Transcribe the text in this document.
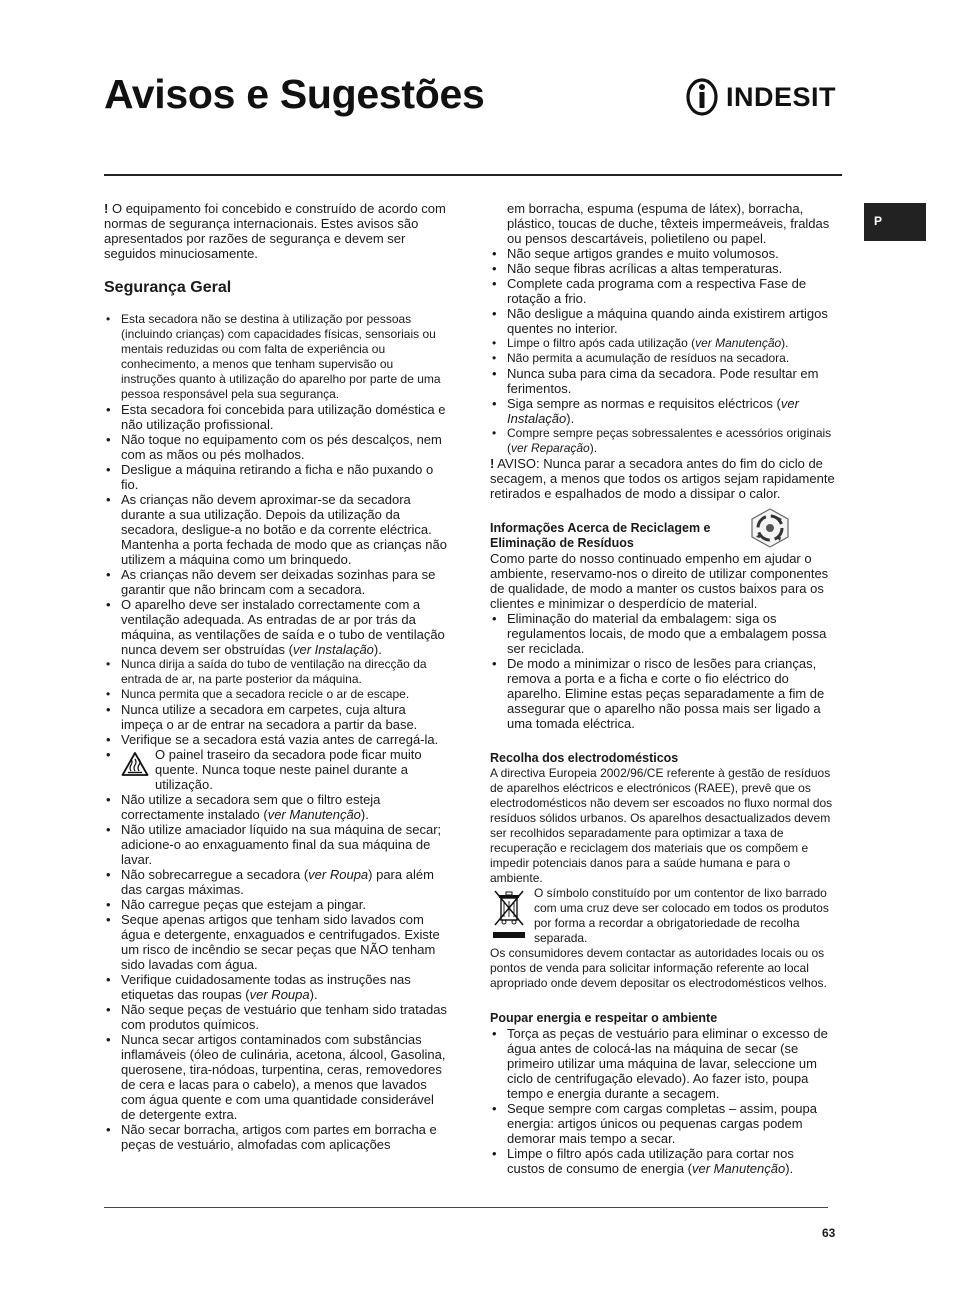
Avisos e Sugestões	INDESIT
P

! O equipamento foi concebido e construído de acordo com normas de segurança internacionais. Estes avisos são apresentados por razões de segurança e devem ser seguidos minuciosamente.

Segurança Geral
• Esta secadora não se destina à utilização por pessoas (incluindo crianças) com capacidades físicas, sensoriais ou mentais reduzidas ou com falta de experiência ou conhecimento, a menos que tenham supervisão ou instruções quanto à utilização do aparelho por parte de uma pessoa responsável pela sua segurança.
• Esta secadora foi concebida para utilização doméstica e não utilização profissional.
• Não toque no equipamento com os pés descalços, nem com as mãos ou pés molhados.
• Desligue a máquina retirando a ficha e não puxando o fio.
• As crianças não devem aproximar-se da secadora durante a sua utilização. Depois da utilização da secadora, desligue-a no botão e da corrente eléctrica. Mantenha a porta fechada de modo que as crianças não utilizem a máquina como um brinquedo.
• As crianças não devem ser deixadas sozinhas para se garantir que não brincam com a secadora.
• O aparelho deve ser instalado correctamente com a ventilação adequada. As entradas de ar por trás da máquina, as ventilações de saída e o tubo de ventilação nunca devem ser obstruídas (ver Instalação).
• Nunca dirija a saída do tubo de ventilação na direcção da entrada de ar, na parte posterior da máquina.
• Nunca permita que a secadora recicle o ar de escape.
• Nunca utilize a secadora em carpetes, cuja altura impeça o ar de entrar na secadora a partir da base.
• Verifique se a secadora está vazia antes de carregá-la.
• O painel traseiro da secadora pode ficar muito quente. Nunca toque neste painel durante a utilização.
• Não utilize a secadora sem que o filtro esteja correctamente instalado (ver Manutenção).
• Não utilize amaciador líquido na sua máquina de secar; adicione-o ao enxaguamento final da sua máquina de lavar.
• Não sobrecarregue a secadora (ver Roupa) para além das cargas máximas.
• Não carregue peças que estejam a pingar.
• Seque apenas artigos que tenham sido lavados com água e detergente, enxaguados e centrifugados. Existe um risco de incêndio se secar peças que NÃO tenham sido lavadas com água.
• Verifique cuidadosamente todas as instruções nas etiquetas das roupas (ver Roupa).
• Não seque peças de vestuário que tenham sido tratadas com produtos químicos.
• Nunca secar artigos contaminados com substâncias inflamáveis (óleo de culinária, acetona, álcool, Gasolina, querosene, tira-nódoas, turpentina, ceras, removedores de cera e lacas para o cabelo), a menos que lavados com água quente e com uma quantidade considerável de detergente extra.
• Não secar borracha, artigos com partes em borracha e peças de vestuário, almofadas com aplicações
em borracha, espuma (espuma de látex), borracha, plástico, toucas de duche, têxteis impermeáveis, fraldas ou pensos descartáveis, polietileno ou papel.
• Não seque artigos grandes e muito volumosos.
• Não seque fibras acrílicas a altas temperaturas.
• Complete cada programa com a respectiva Fase de rotação a frio.
• Não desligue a máquina quando ainda existirem artigos quentes no interior.
• Limpe o filtro após cada utilização (ver Manutenção).
• Não permita a acumulação de resíduos na secadora.
• Nunca suba para cima da secadora. Pode resultar em ferimentos.
• Siga sempre as normas e requisitos eléctricos (ver Instalação).
• Compre sempre peças sobressalentes e acessórios originais (ver Reparação).

! AVISO: Nunca parar a secadora antes do fim do ciclo de secagem, a menos que todos os artigos sejam rapidamente retirados e espalhados de modo a dissipar o calor.

Informações Acerca de Reciclagem e

Eliminação de Resíduos

Como parte do nosso continuado empenho em ajudar o ambiente, reservamo-nos o direito de utilizar componentes de qualidade, de modo a manter os custos baixos para os clientes e minimizar o desperdício de material.

• Eliminação do material da embalagem: siga os regulamentos locais, de modo que a embalagem possa ser reciclada.
• De modo a minimizar o risco de lesões para crianças, remova a porta e a ficha e corte o fio eléctrico do aparelho. Elimine estas peças separadamente a fim de assegurar que o aparelho não possa mais ser ligado a uma tomada eléctrica.

Recolha dos electrodomésticos

A directiva Europeia 2002/96/CE referente à gestão de resíduos de aparelhos eléctricos e electrónicos (RAEE), prevê que os electrodomésticos não devem ser escoados no fluxo normal dos resíduos sólidos urbanos. Os aparelhos desactualizados devem ser recolhidos separadamente para optimizar a taxa de recuperação e reciclagem dos materiais que os compõem e impedir potenciais danos para a saúde humana e para o ambiente.

O símbolo constituído por um contentor de lixo barrado com uma cruz deve ser colocado em todos os produtos por forma a recordar a obrigatoriedade de recolha separada.

Os consumidores devem contactar as autoridades locais ou os pontos de venda para solicitar informação referente ao local apropriado onde devem depositar os electrodomésticos velhos.

Poupar energia e respeitar o ambiente

• Torça as peças de vestuário para eliminar o excesso de água antes de colocá-las na máquina de secar (se primeiro utilizar uma máquina de lavar, seleccione um ciclo de centrifugação elevado). Ao fazer isto, poupa tempo e energia durante a secagem.
• Seque sempre com cargas completas – assim, poupa energia: artigos únicos ou pequenas cargas podem demorar mais tempo a secar.
• Limpe o filtro após cada utilização para cortar nos custos de consumo de energia (ver Manutenção).
63
